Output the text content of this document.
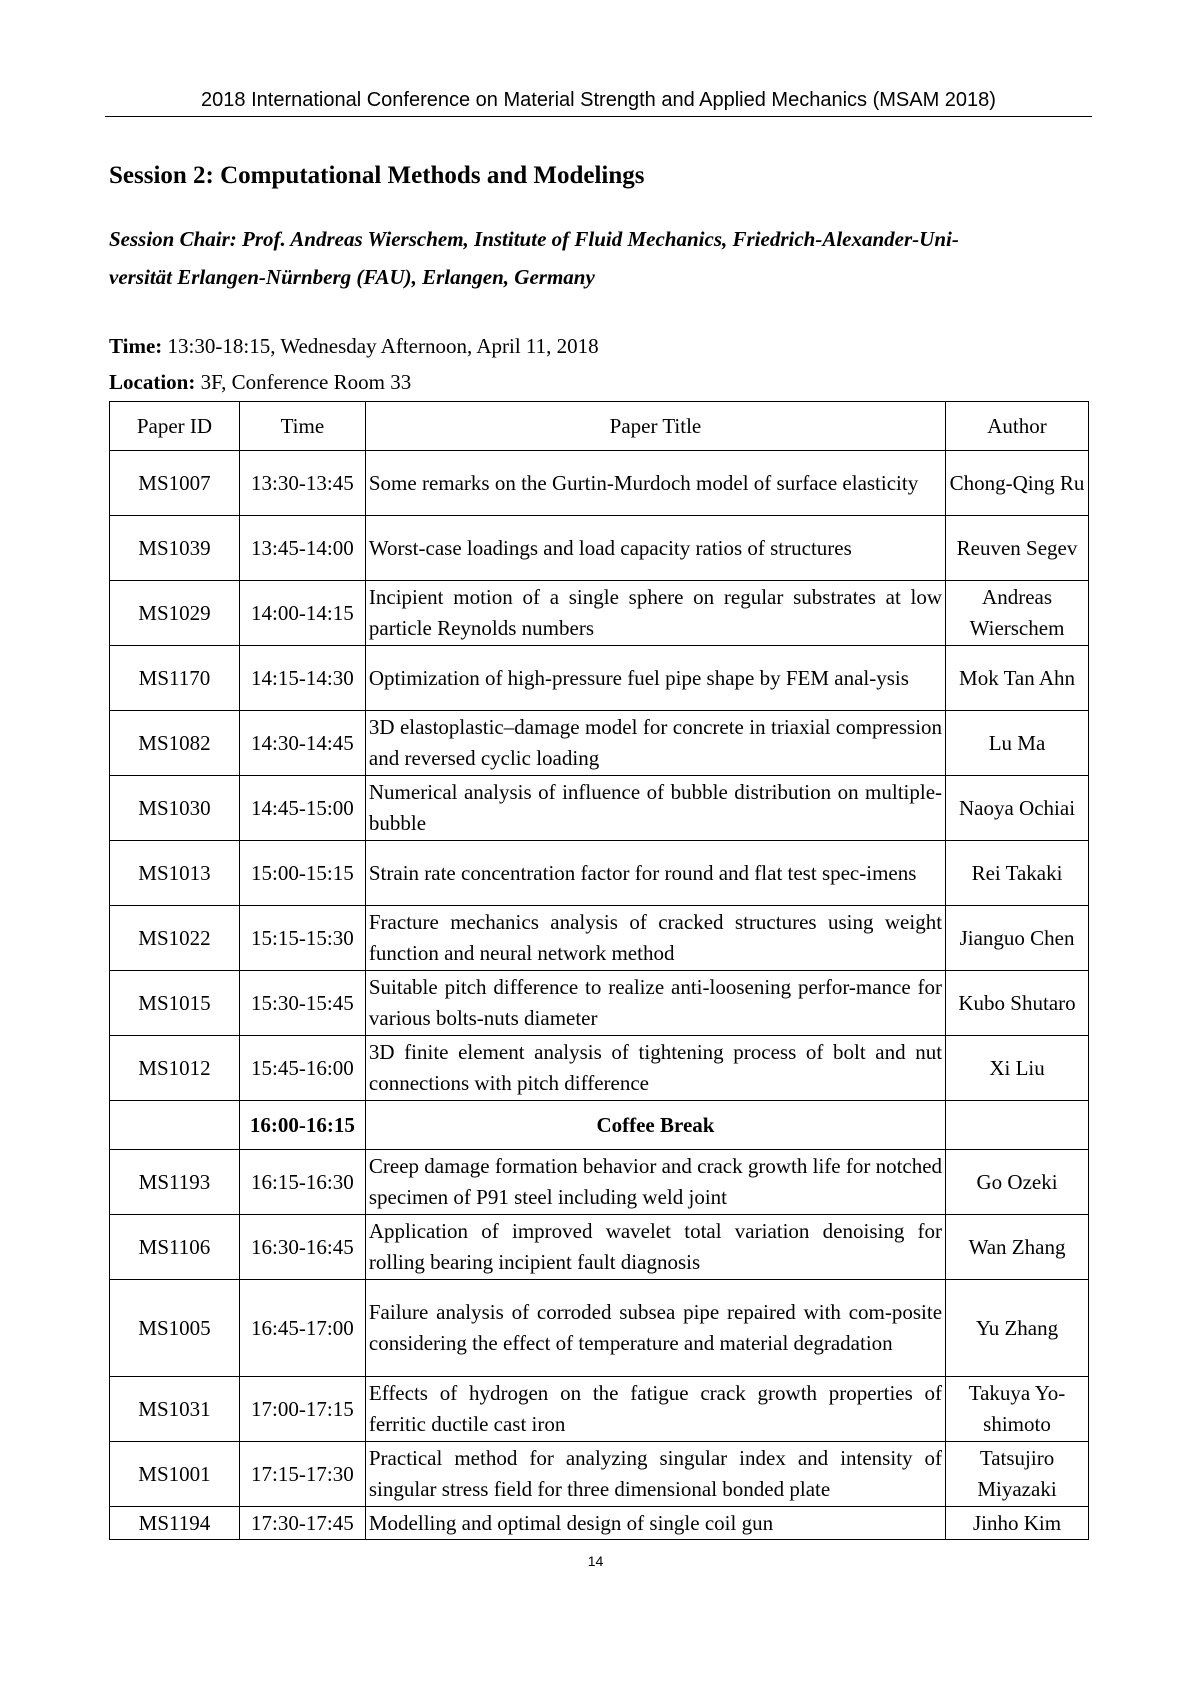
2018 International Conference on Material Strength and Applied Mechanics (MSAM 2018)
Session 2: Computational Methods and Modelings
Session Chair: Prof. Andreas Wierschem, Institute of Fluid Mechanics, Friedrich-Alexander-Uni-
versität Erlangen-Nürnberg (FAU), Erlangen, Germany
Time: 13:30-18:15, Wednesday Afternoon, April 11, 2018
Location: 3F, Conference Room 33
Paper ID	Time	Paper Title	Author
MS1007	13:30-13:45	Some remarks on the Gurtin-Murdoch model of surface elasticity	Chong-Qing Ru
MS1039	13:45-14:00	Worst-case loadings and load capacity ratios of structures	Reuven Segev
MS1029	14:00-14:15	Incipient motion of a single sphere on regular substrates at low particle Reynolds numbers	Andreas Wierschem
MS1170	14:15-14:30	Optimization of high-pressure fuel pipe shape by FEM anal-ysis	Mok Tan Ahn
MS1082	14:30-14:45	3D elastoplastic–damage model for concrete in triaxial compression and reversed cyclic loading	Lu Ma
MS1030	14:45-15:00	Numerical analysis of influence of bubble distribution on multiple-bubble	Naoya Ochiai
MS1013	15:00-15:15	Strain rate concentration factor for round and flat test spec-imens	Rei Takaki
MS1022	15:15-15:30	Fracture mechanics analysis of cracked structures using weight function and neural network method	Jianguo Chen
MS1015	15:30-15:45	Suitable pitch difference to realize anti-loosening perfor-mance for various bolts-nuts diameter	Kubo Shutaro
MS1012	15:45-16:00	3D finite element analysis of tightening process of bolt and nut connections with pitch difference	Xi Liu
	16:00-16:15	Coffee Break	
MS1193	16:15-16:30	Creep damage formation behavior and crack growth life for notched specimen of P91 steel including weld joint	Go Ozeki
MS1106	16:30-16:45	Application of improved wavelet total variation denoising for rolling bearing incipient fault diagnosis	Wan Zhang
MS1005	16:45-17:00	Failure analysis of corroded subsea pipe repaired with com-posite considering the effect of temperature and material degradation	Yu Zhang
MS1031	17:00-17:15	Effects of hydrogen on the fatigue crack growth properties of ferritic ductile cast iron	Takuya Yo-shimoto
MS1001	17:15-17:30	Practical method for analyzing singular index and intensity of singular stress field for three dimensional bonded plate	Tatsujiro Miyazaki
MS1194	17:30-17:45	Modelling and optimal design of single coil gun	Jinho Kim
14
